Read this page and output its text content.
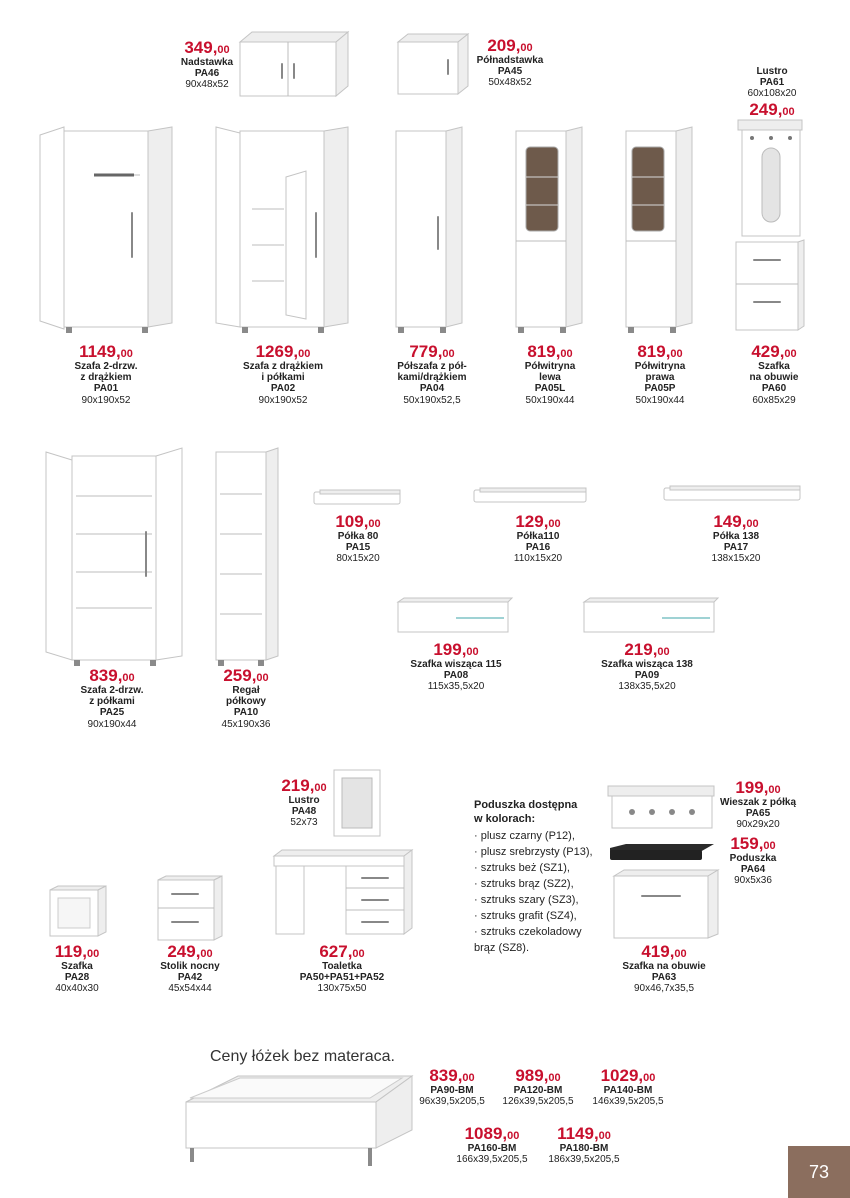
349,00
Nadstawka
PA46
90x48x52
209,00
Półnadstawka
PA45
50x48x52
Lustro
PA61
60x108x20
249,00
1149,00
Szafa 2-drzw.
z drążkiem
PA01
90x190x52
1269,00
Szafa z drążkiem
i półkami
PA02
90x190x52
779,00
Półszafa z pół-
kami/drążkiem
PA04
50x190x52,5
819,00
Półwitryna
lewa
PA05L
50x190x44
819,00
Półwitryna
prawa
PA05P
50x190x44
429,00
Szafka
na obuwie
PA60
60x85x29
109,00
Półka 80
PA15
80x15x20
129,00
Półka110
PA16
110x15x20
149,00
Półka 138
PA17
138x15x20
199,00
Szafka wisząca 115
PA08
115x35,5x20
219,00
Szafka wisząca 138
PA09
138x35,5x20
839,00
Szafa 2-drzw.
z półkami
PA25
90x190x44
259,00
Regał
półkowy
PA10
45x190x36
219,00
Lustro
PA48
52x73
199,00
Wieszak z półką
PA65
90x29x20
159,00
Poduszka
PA64
90x5x36
119,00
Szafka
PA28
40x40x30
249,00
Stolik nocny
PA42
45x54x44
627,00
Toaletka
PA50+PA51+PA52
130x75x50
419,00
Szafka na obuwie
PA63
90x46,7x35,5
839,00
PA90-BM
96x39,5x205,5
989,00
PA120-BM
126x39,5x205,5
1029,00
PA140-BM
146x39,5x205,5
1089,00
PA160-BM
166x39,5x205,5
1149,00
PA180-BM
186x39,5x205,5
Poduszka dostępna
w kolorach:
· plusz czarny (P12),
· plusz srebrzysty (P13),
· sztruks beż (SZ1),
· sztruks brąz (SZ2),
· sztruks szary (SZ3),
· sztruks grafit (SZ4),
· sztruks czekoladowy
brąz (SZ8).
Ceny łóżek bez materaca.
73
